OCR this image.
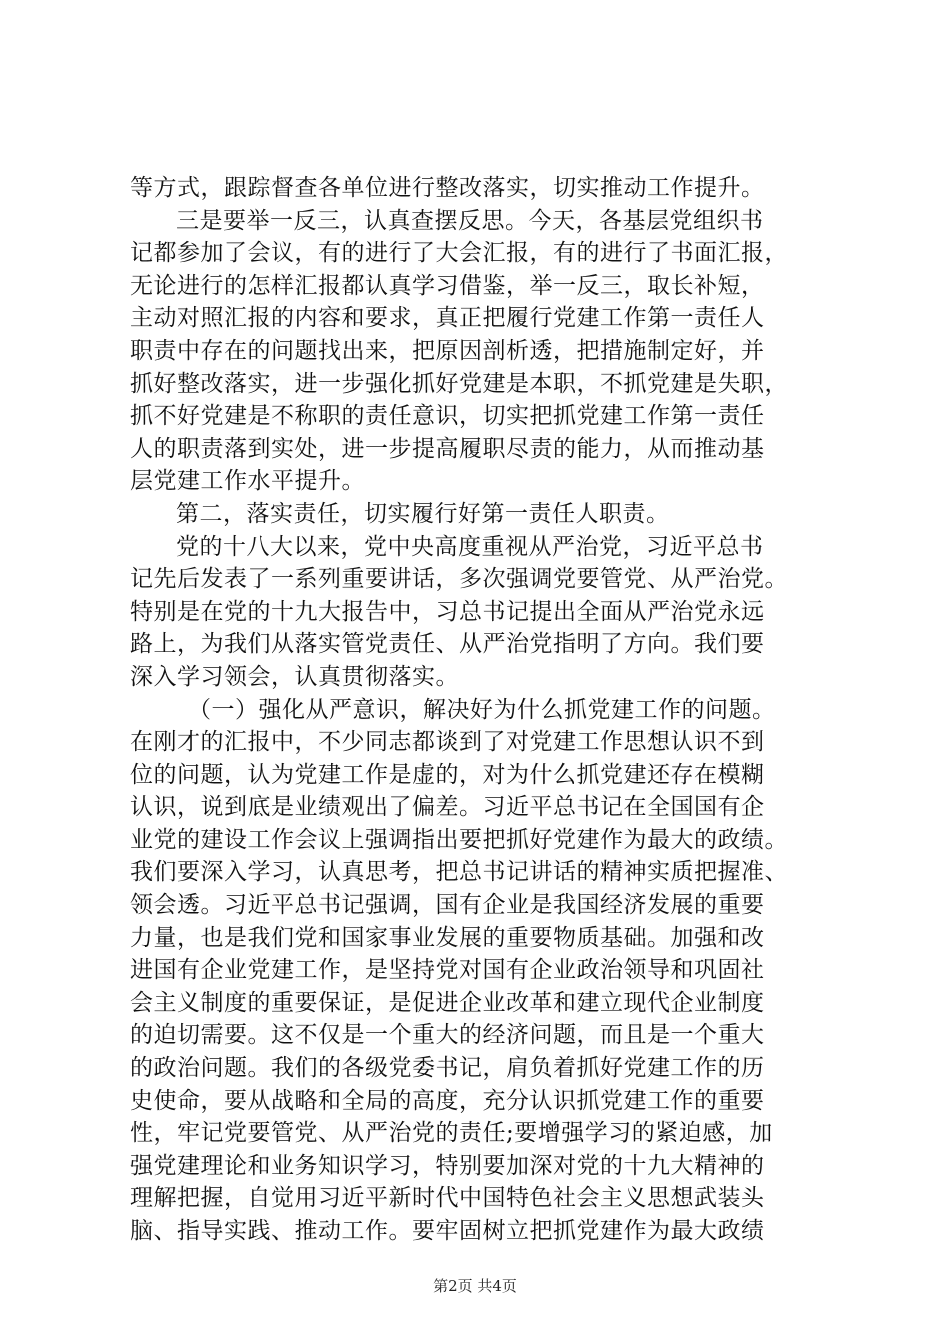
等方式，跟踪督查各单位进行整改落实，切实推动工作提升。
三是要举一反三，认真查摆反思。今天，各基层党组织书
记都参加了会议，有的进行了大会汇报，有的进行了书面汇报，
无论进行的怎样汇报都认真学习借鉴，举一反三，取长补短，
主动对照汇报的内容和要求，真正把履行党建工作第一责任人
职责中存在的问题找出来，把原因剖析透，把措施制定好，并
抓好整改落实，进一步强化抓好党建是本职，不抓党建是失职，
抓不好党建是不称职的责任意识，切实把抓党建工作第一责任
人的职责落到实处，进一步提高履职尽责的能力，从而推动基
层党建工作水平提升。
第二，落实责任，切实履行好第一责任人职责。
党的十八大以来，党中央高度重视从严治党，习近平总书
记先后发表了一系列重要讲话，多次强调党要管党、从严治党。
特别是在党的十九大报告中，习总书记提出全面从严治党永远
路上，为我们从落实管党责任、从严治党指明了方向。我们要
深入学习领会，认真贯彻落实。
（一）强化从严意识，解决好为什么抓党建工作的问题。
在刚才的汇报中，不少同志都谈到了对党建工作思想认识不到
位的问题，认为党建工作是虚的，对为什么抓党建还存在模糊
认识，说到底是业绩观出了偏差。习近平总书记在全国国有企
业党的建设工作会议上强调指出要把抓好党建作为最大的政绩。
我们要深入学习，认真思考，把总书记讲话的精神实质把握准、
领会透。习近平总书记强调，国有企业是我国经济发展的重要
力量，也是我们党和国家事业发展的重要物质基础。加强和改
进国有企业党建工作，是坚持党对国有企业政治领导和巩固社
会主义制度的重要保证，是促进企业改革和建立现代企业制度
的迫切需要。这不仅是一个重大的经济问题，而且是一个重大
的政治问题。我们的各级党委书记，肩负着抓好党建工作的历
史使命，要从战略和全局的高度，充分认识抓党建工作的重要
性，牢记党要管党、从严治党的责任;要增强学习的紧迫感，加
强党建理论和业务知识学习，特别要加深对党的十九大精神的
理解把握，自觉用习近平新时代中国特色社会主义思想武装头
脑、指导实践、推动工作。要牢固树立把抓党建作为最大政绩
第2页 共4页
